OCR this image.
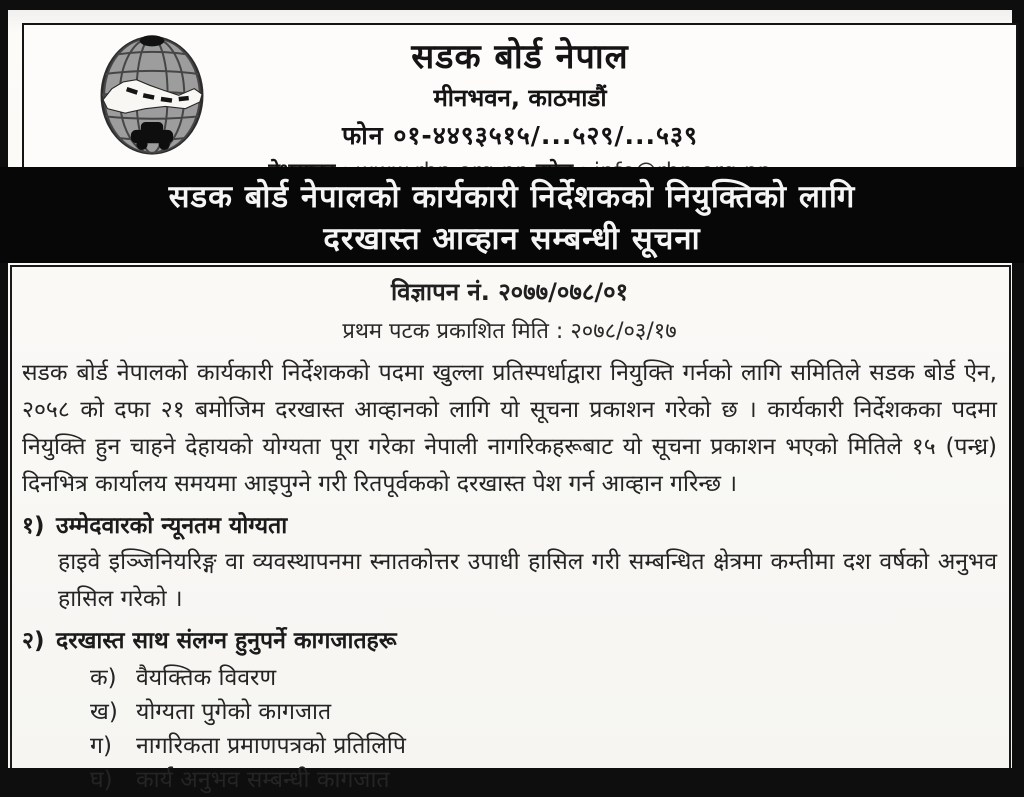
सडक बोर्ड नेपाल
मीनभवन, काठमाडौं
फोन ०१-४४९३५१५/...५२९/...५३९
सडक बोर्ड नेपालको कार्यकारी निर्देशकको नियुक्तिको लागि
दरखास्त आव्हान सम्बन्धी सूचना
विज्ञापन नं. २०७७/०७८/०१
प्रथम पटक प्रकाशित मिति : २०७८/०३/१७
सडक बोर्ड नेपालको कार्यकारी निर्देशकको पदमा खुल्ला प्रतिस्पर्धाद्वारा नियुक्ति गर्नको लागि समितिले सडक बोर्ड ऐन, २०५८ को दफा २१ बमोजिम दरखास्त आव्हानको लागि यो सूचना प्रकाशन गरेको छ । कार्यकारी निर्देशकका पदमा नियुक्ति हुन चाहने देहायको योग्यता पूरा गरेका नेपाली नागरिकहरूबाट यो सूचना प्रकाशन भएको मितिले १५ (पन्ध्र) दिनभित्र कार्यालय समयमा आइपुग्ने गरी रितपूर्वकको दरखास्त पेश गर्न आव्हान गरिन्छ ।
१) उम्मेदवारको न्यूनतम योग्यता
हाइवे इञ्जिनियरिङ्ग वा व्यवस्थापनमा स्नातकोत्तर उपाधी हासिल गरी सम्बन्धित क्षेत्रमा कम्तीमा दश वर्षको अनुभव हासिल गरेको ।
२) दरखास्त साथ संलग्न हुनुपर्ने कागजातहरू
क) वैयक्तिक विवरण
ख) योग्यता पुगेको कागजात
ग)	नागरिकता प्रमाणपत्रको प्रतिलिपि
घ)	कार्य अनुभव सम्बन्धी कागजात
